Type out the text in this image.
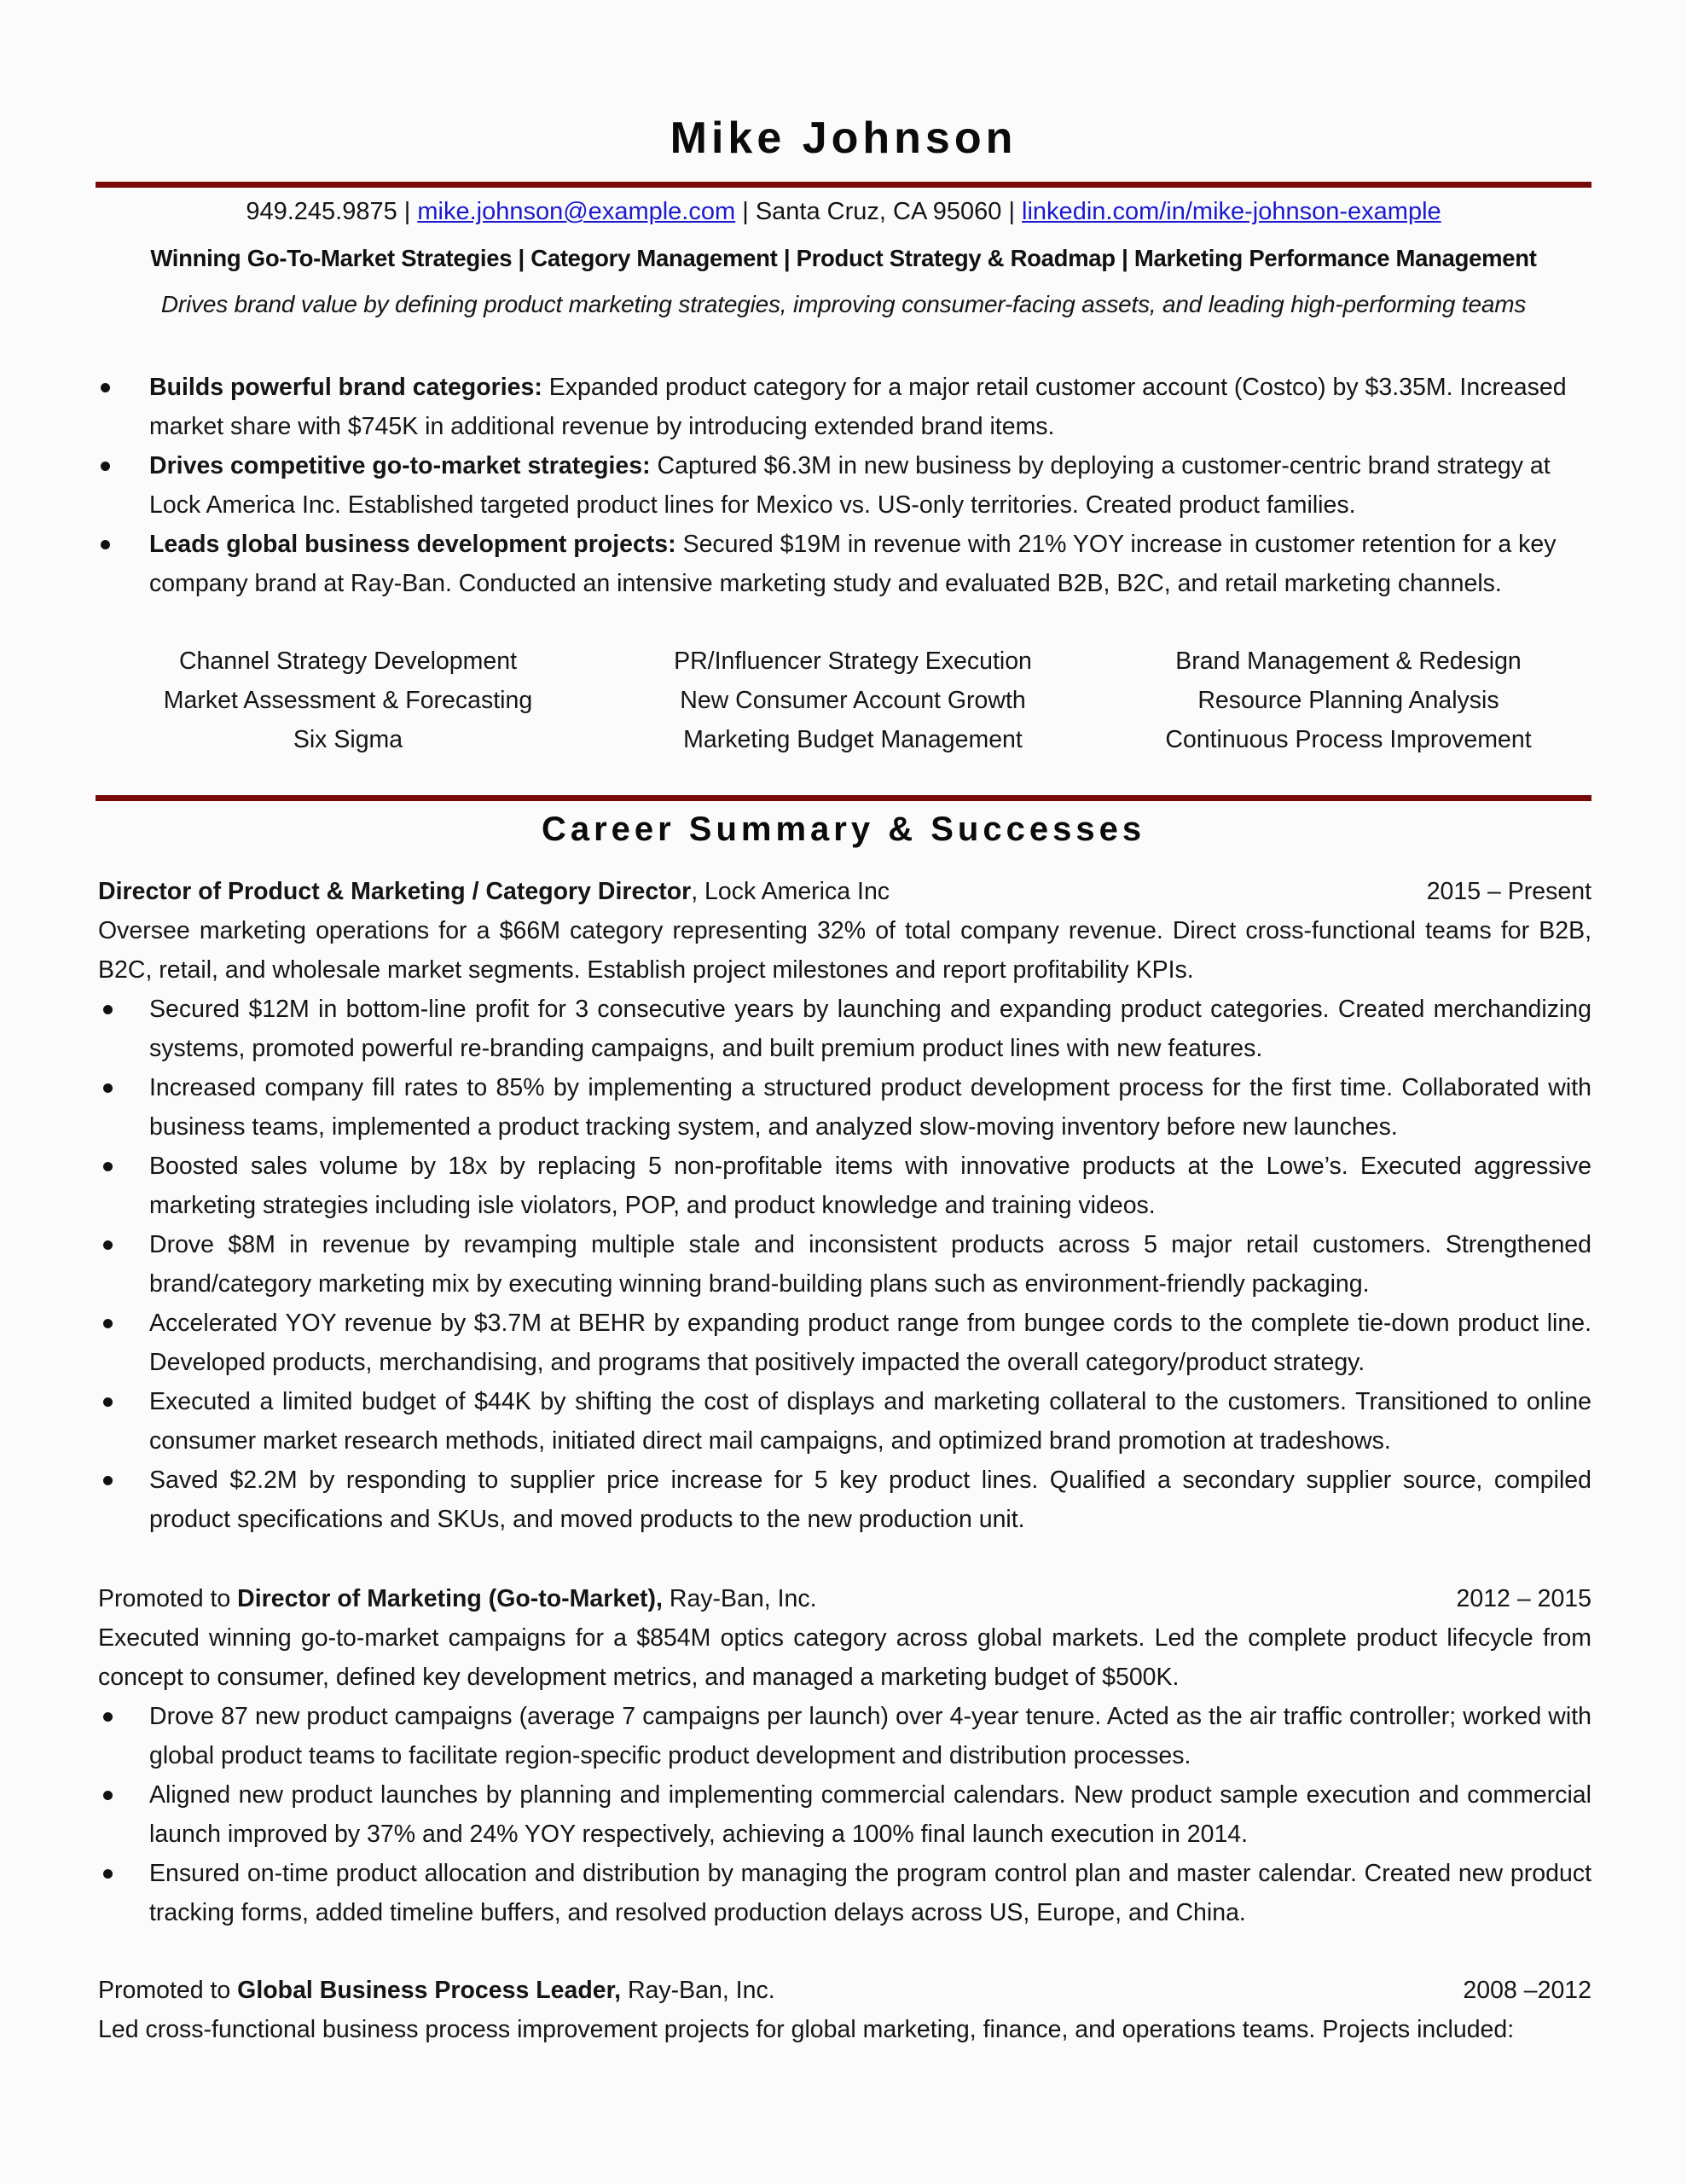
Mike Johnson
949.245.9875 | mike.johnson@example.com | Santa Cruz, CA 95060 | linkedin.com/in/mike-johnson-example
Winning Go-To-Market Strategies | Category Management | Product Strategy & Roadmap | Marketing Performance Management
Drives brand value by defining product marketing strategies, improving consumer-facing assets, and leading high-performing teams
Builds powerful brand categories: Expanded product category for a major retail customer account (Costco) by $3.35M. Increased market share with $745K in additional revenue by introducing extended brand items.
Drives competitive go-to-market strategies: Captured $6.3M in new business by deploying a customer-centric brand strategy at Lock America Inc. Established targeted product lines for Mexico vs. US-only territories. Created product families.
Leads global business development projects: Secured $19M in revenue with 21% YOY increase in customer retention for a key company brand at Ray-Ban. Conducted an intensive marketing study and evaluated B2B, B2C, and retail marketing channels.
Channel Strategy Development	PR/Influencer Strategy Execution	Brand Management & Redesign
Market Assessment & Forecasting	New Consumer Account Growth	Resource Planning Analysis
Six Sigma	Marketing Budget Management	Continuous Process Improvement
Career Summary & Successes
Director of Product & Marketing / Category Director, Lock America Inc	2015 – Present
Oversee marketing operations for a $66M category representing 32% of total company revenue. Direct cross-functional teams for B2B, B2C, retail, and wholesale market segments. Establish project milestones and report profitability KPIs.
Secured $12M in bottom-line profit for 3 consecutive years by launching and expanding product categories. Created merchandizing systems, promoted powerful re-branding campaigns, and built premium product lines with new features.
Increased company fill rates to 85% by implementing a structured product development process for the first time. Collaborated with business teams, implemented a product tracking system, and analyzed slow-moving inventory before new launches.
Boosted sales volume by 18x by replacing 5 non-profitable items with innovative products at the Lowe’s. Executed aggressive marketing strategies including isle violators, POP, and product knowledge and training videos.
Drove $8M in revenue by revamping multiple stale and inconsistent products across 5 major retail customers. Strengthened brand/category marketing mix by executing winning brand-building plans such as environment-friendly packaging.
Accelerated YOY revenue by $3.7M at BEHR by expanding product range from bungee cords to the complete tie-down product line. Developed products, merchandising, and programs that positively impacted the overall category/product strategy.
Executed a limited budget of $44K by shifting the cost of displays and marketing collateral to the customers. Transitioned to online consumer market research methods, initiated direct mail campaigns, and optimized brand promotion at tradeshows.
Saved $2.2M by responding to supplier price increase for 5 key product lines. Qualified a secondary supplier source, compiled product specifications and SKUs, and moved products to the new production unit.
Promoted to Director of Marketing (Go-to-Market), Ray-Ban, Inc.	2012 – 2015
Executed winning go-to-market campaigns for a $854M optics category across global markets. Led the complete product lifecycle from concept to consumer, defined key development metrics, and managed a marketing budget of $500K.
Drove 87 new product campaigns (average 7 campaigns per launch) over 4-year tenure. Acted as the air traffic controller; worked with global product teams to facilitate region-specific product development and distribution processes.
Aligned new product launches by planning and implementing commercial calendars. New product sample execution and commercial launch improved by 37% and 24% YOY respectively, achieving a 100% final launch execution in 2014.
Ensured on-time product allocation and distribution by managing the program control plan and master calendar. Created new product tracking forms, added timeline buffers, and resolved production delays across US, Europe, and China.
Promoted to Global Business Process Leader, Ray-Ban, Inc.	2008 –2012
Led cross-functional business process improvement projects for global marketing, finance, and operations teams. Projects included:
